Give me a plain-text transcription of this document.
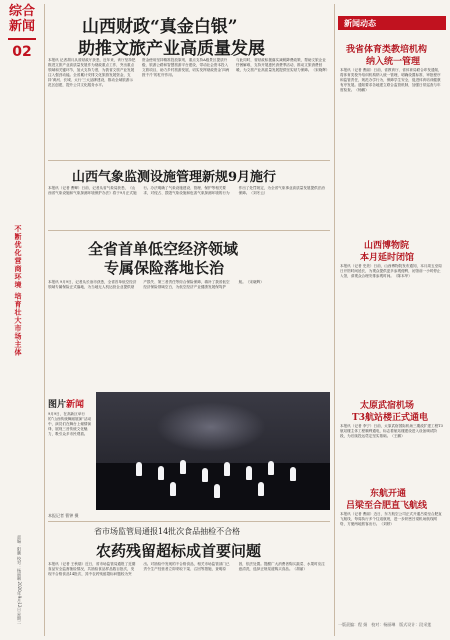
综合
新闻
02
不断优化营商环境 培育壮大市场主体
责编：阳鹏 校对：杨丽琳 2020年9月12日 星期二
山西财政“真金白银”
助推文旅产业高质量发展
本报讯 记者胡月从省财政厅获悉，近年来，该厅坚持把推进文旅产业高质量发展作为财政重点工作，突出重点领域和关键环节，加大支持力度，为我省文旅产业发展注入强劲动能。全省累计安排文化旅游发展资金，支持‘黄河、长城、太行’三大品牌建设，推动全域旅游示范区创建，提升公共文化服务水平。
资金使用坚持精准投放原则，重点支持A级景区提质升级、旅游公路和智慧旅游平台建设，带动社会资本投入文旅项目，助力乡村旅游发展，切实发挥财政资金‘四两拨千斤’的杠杆作用。
与此同时，省财政积极落实减税降费政策，帮助文旅企业纾困解难，支持开展惠民消费季活动，推动文旅消费回暖，为文旅产业高质量发展提供坚实财力保障。（宋晓辉）
山西气象监测设施管理新规9月施行
本报讯（记者 曹蝉）日前，记者从省气象局获悉，《山西省气象设施和气象探测环境保护办法》将于9月正式施行。办法明确了气象设施建设、管理、保护等相关要求，对侵占、损毁气象设施和危害气象探测环境的行为作出了处罚规定，为全省气象事业高质量发展提供法治保障。（刘冬云）
全省首单低空经济领域
专属保险落地长治
本报讯 9月9日，记者从长治市获悉，全省首单低空经济领域专属保险正式落地，为当地无人机运营企业提供财产损失、第三者责任等综合保险保障，填补了我省低空经济保险领域空白，为低空经济产业健康发展保驾护航。（宋晓辉）
图片新闻
9月9日，在高新区举行的“山西传统舞蹈展演”活动中，演员们在舞台上倾情演绎，展现三晋传统文化魅力，吸引众多市民观看。
本报记者 曹钟 摄
省市场监管局通报14批次食品抽检不合格
农药残留超标成首要问题
本报讯（记者 王秋瑞）近日，省市场监管局通报了近期食品安全监督抽检情况，共抽检食品样品数百批次，发现不合格食品14批次，其中农药残留超标问题较为突出。对抽检中发现的不合格食品，相关市场监管部门已责令生产经营者立即采取下架、召回等措施，查明原因，依法处置。提醒广大消费者购买蔬菜、水果时应注意清洗，选择正规渠道购买食品。（胡丽）
新闻动态
我省体育类教培机构
纳入统一管理
本报讯（记者 曹丽）日前，省教育厅、省体育局联合印发通知，将体育类校外培训机构纳入统一管理，明确设置标准、审批程序和监管责任，规范办学行为，保障学生安全，促进体育培训健康有序发展。通知要求各地建立联合监管机制，加强日常巡查与年度检查。（杨鹏）
山西博物院
本月延时闭馆
本报讯（记者 史美）日前，山西博物院发布通知，本月周五至周日开馆时间延长，为观众提供更多参观便利，闭馆前一小时停止入馆，请观众合理安排参观时间。（陈本华）
太原武宿机场
T3航站楼正式通电
本报讯（记者 李宁）日前，太原武宿国际机场三期改扩建工程T3航站楼主体工程顺利通电，标志着航站楼建设进入设备调试阶段，为后续投运奠定坚实基础。（王鹏）
东航开通
吕梁至合肥直飞航线
本报讯（记者 曹丽）近日，东方航空公司正式开通吕梁至合肥直飞航线，每周执行多个往返航班，进一步织密吕梁机场航线网络，方便两地旅客出行。（刘婷）
一版责编：程 娟　校对：杨丽琳　版式设计：段采莲
